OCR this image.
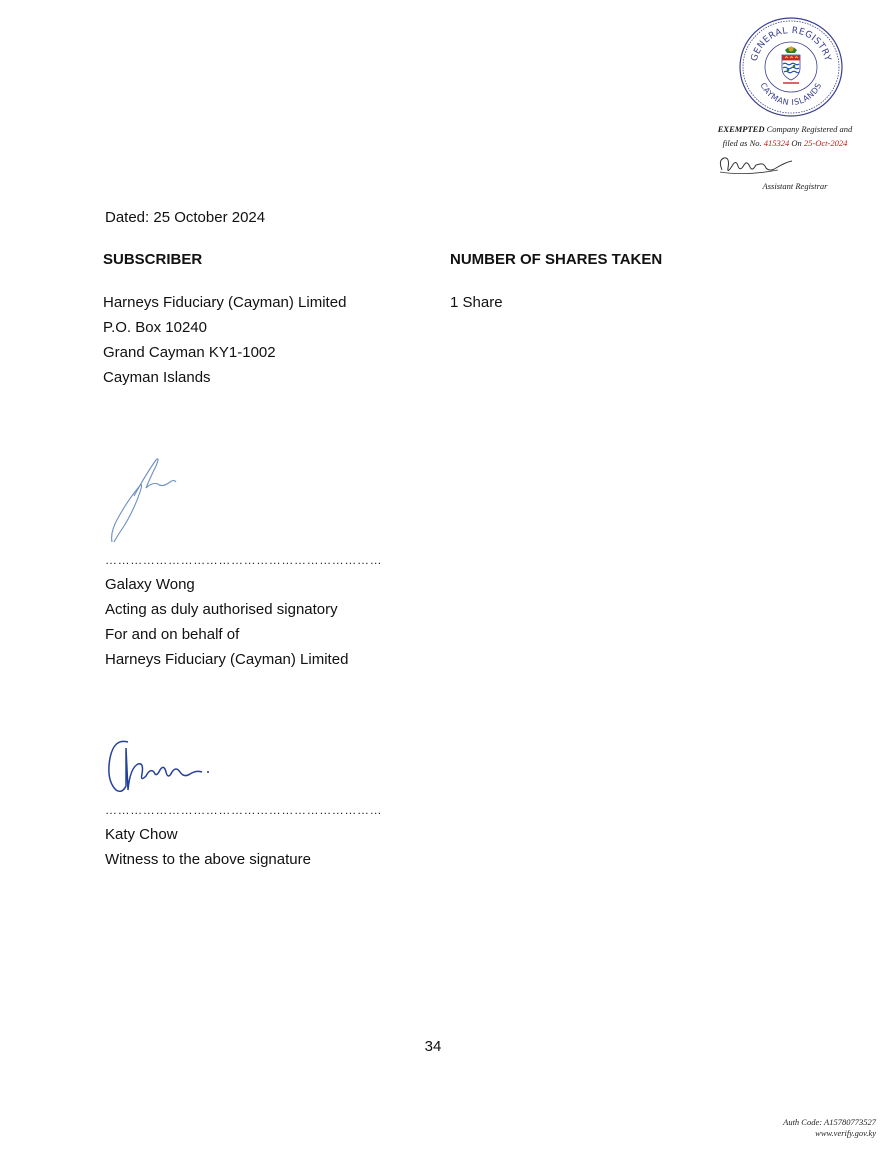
GENERAL REGISTRY
CAYMAN ISLANDS
EXEMPTED Company Registered and
filed as No. 415324 On 25-Oct-2024
Assistant Registrar
Dated: 25 October 2024
SUBSCRIBER	NUMBER OF SHARES TAKEN
Harneys Fiduciary (Cayman) Limited
P.O. Box 10240
Grand Cayman KY1-1002
Cayman Islands
1 Share
…………………………………………………………
Galaxy Wong
Acting as duly authorised signatory
For and on behalf of
Harneys Fiduciary (Cayman) Limited
…………………………………………………………
Katy Chow
Witness to the above signature
34
Auth Code: A15780773527
www.verify.gov.ky
